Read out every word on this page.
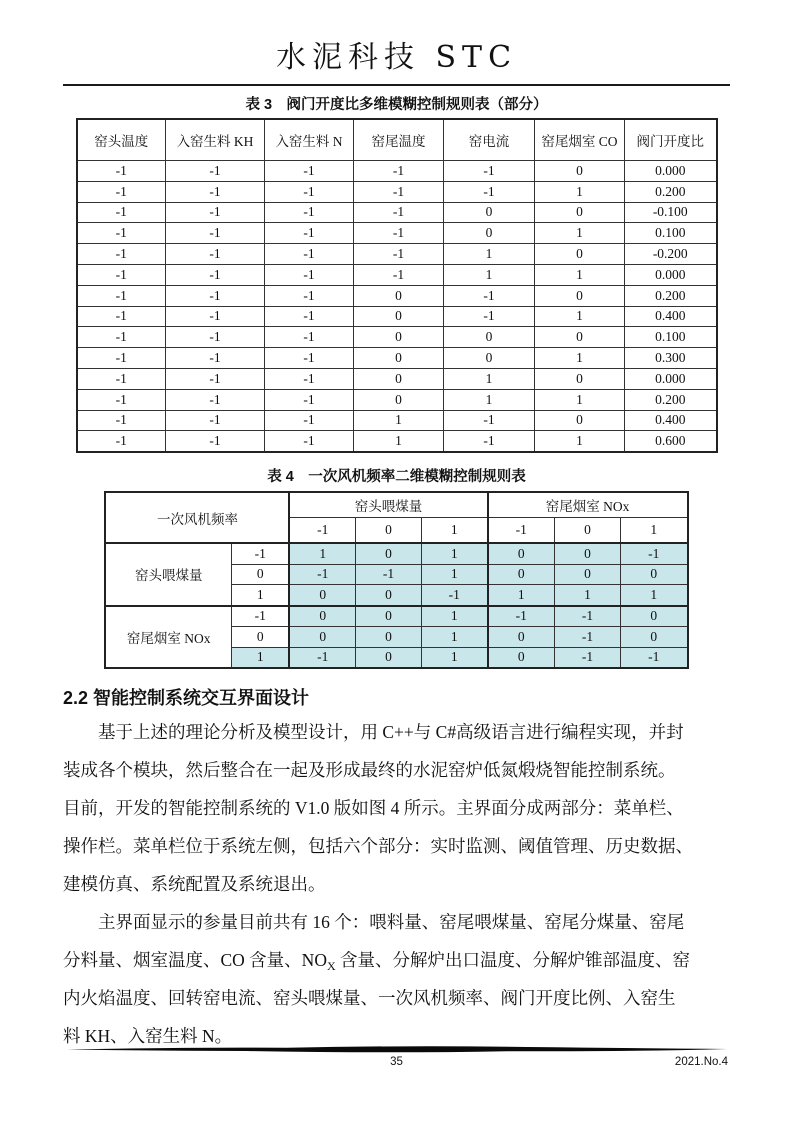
水泥科技 STC
表 3　阀门开度比多维模糊控制规则表（部分）
窑头温度	入窑生料 KH	入窑生料 N	窑尾温度	窑电流	窑尾烟室 CO	阀门开度比
-1	-1	-1	-1	-1	0	0.000
-1	-1	-1	-1	-1	1	0.200
-1	-1	-1	-1	0	0	-0.100
-1	-1	-1	-1	0	1	0.100
-1	-1	-1	-1	1	0	-0.200
-1	-1	-1	-1	1	1	0.000
-1	-1	-1	0	-1	0	0.200
-1	-1	-1	0	-1	1	0.400
-1	-1	-1	0	0	0	0.100
-1	-1	-1	0	0	1	0.300
-1	-1	-1	0	1	0	0.000
-1	-1	-1	0	1	1	0.200
-1	-1	-1	1	-1	0	0.400
-1	-1	-1	1	-1	1	0.600
表 4　一次风机频率二维模糊控制规则表
一次风机频率		窑头喂煤量			窑尾烟室 NOx		
		-1	0	1	-1	0	1
窑头喂煤量	-1	1	0	1	0	0	-1
	0	-1	-1	1	0	0	0
	1	0	0	-1	1	1	1
窑尾烟室 NOx	-1	0	0	1	-1	-1	0
	0	0	0	1	0	-1	0
	1	-1	0	1	0	-1	-1
2.2 智能控制系统交互界面设计
基于上述的理论分析及模型设计，用 C++与 C#高级语言进行编程实现，并封
装成各个模块，然后整合在一起及形成最终的水泥窑炉低氮煅烧智能控制系统。
目前，开发的智能控制系统的 V1.0 版如图 4 所示。主界面分成两部分：菜单栏、
操作栏。菜单栏位于系统左侧，包括六个部分：实时监测、阈值管理、历史数据、
建模仿真、系统配置及系统退出。
主界面显示的参量目前共有 16 个：喂料量、窑尾喂煤量、窑尾分煤量、窑尾
分料量、烟室温度、CO 含量、$NO_X$ 含量、分解炉出口温度、分解炉锥部温度、窑
内火焰温度、回转窑电流、窑头喂煤量、一次风机频率、阀门开度比例、入窑生
料 KH、入窑生料 N。
35	2021.No.4
